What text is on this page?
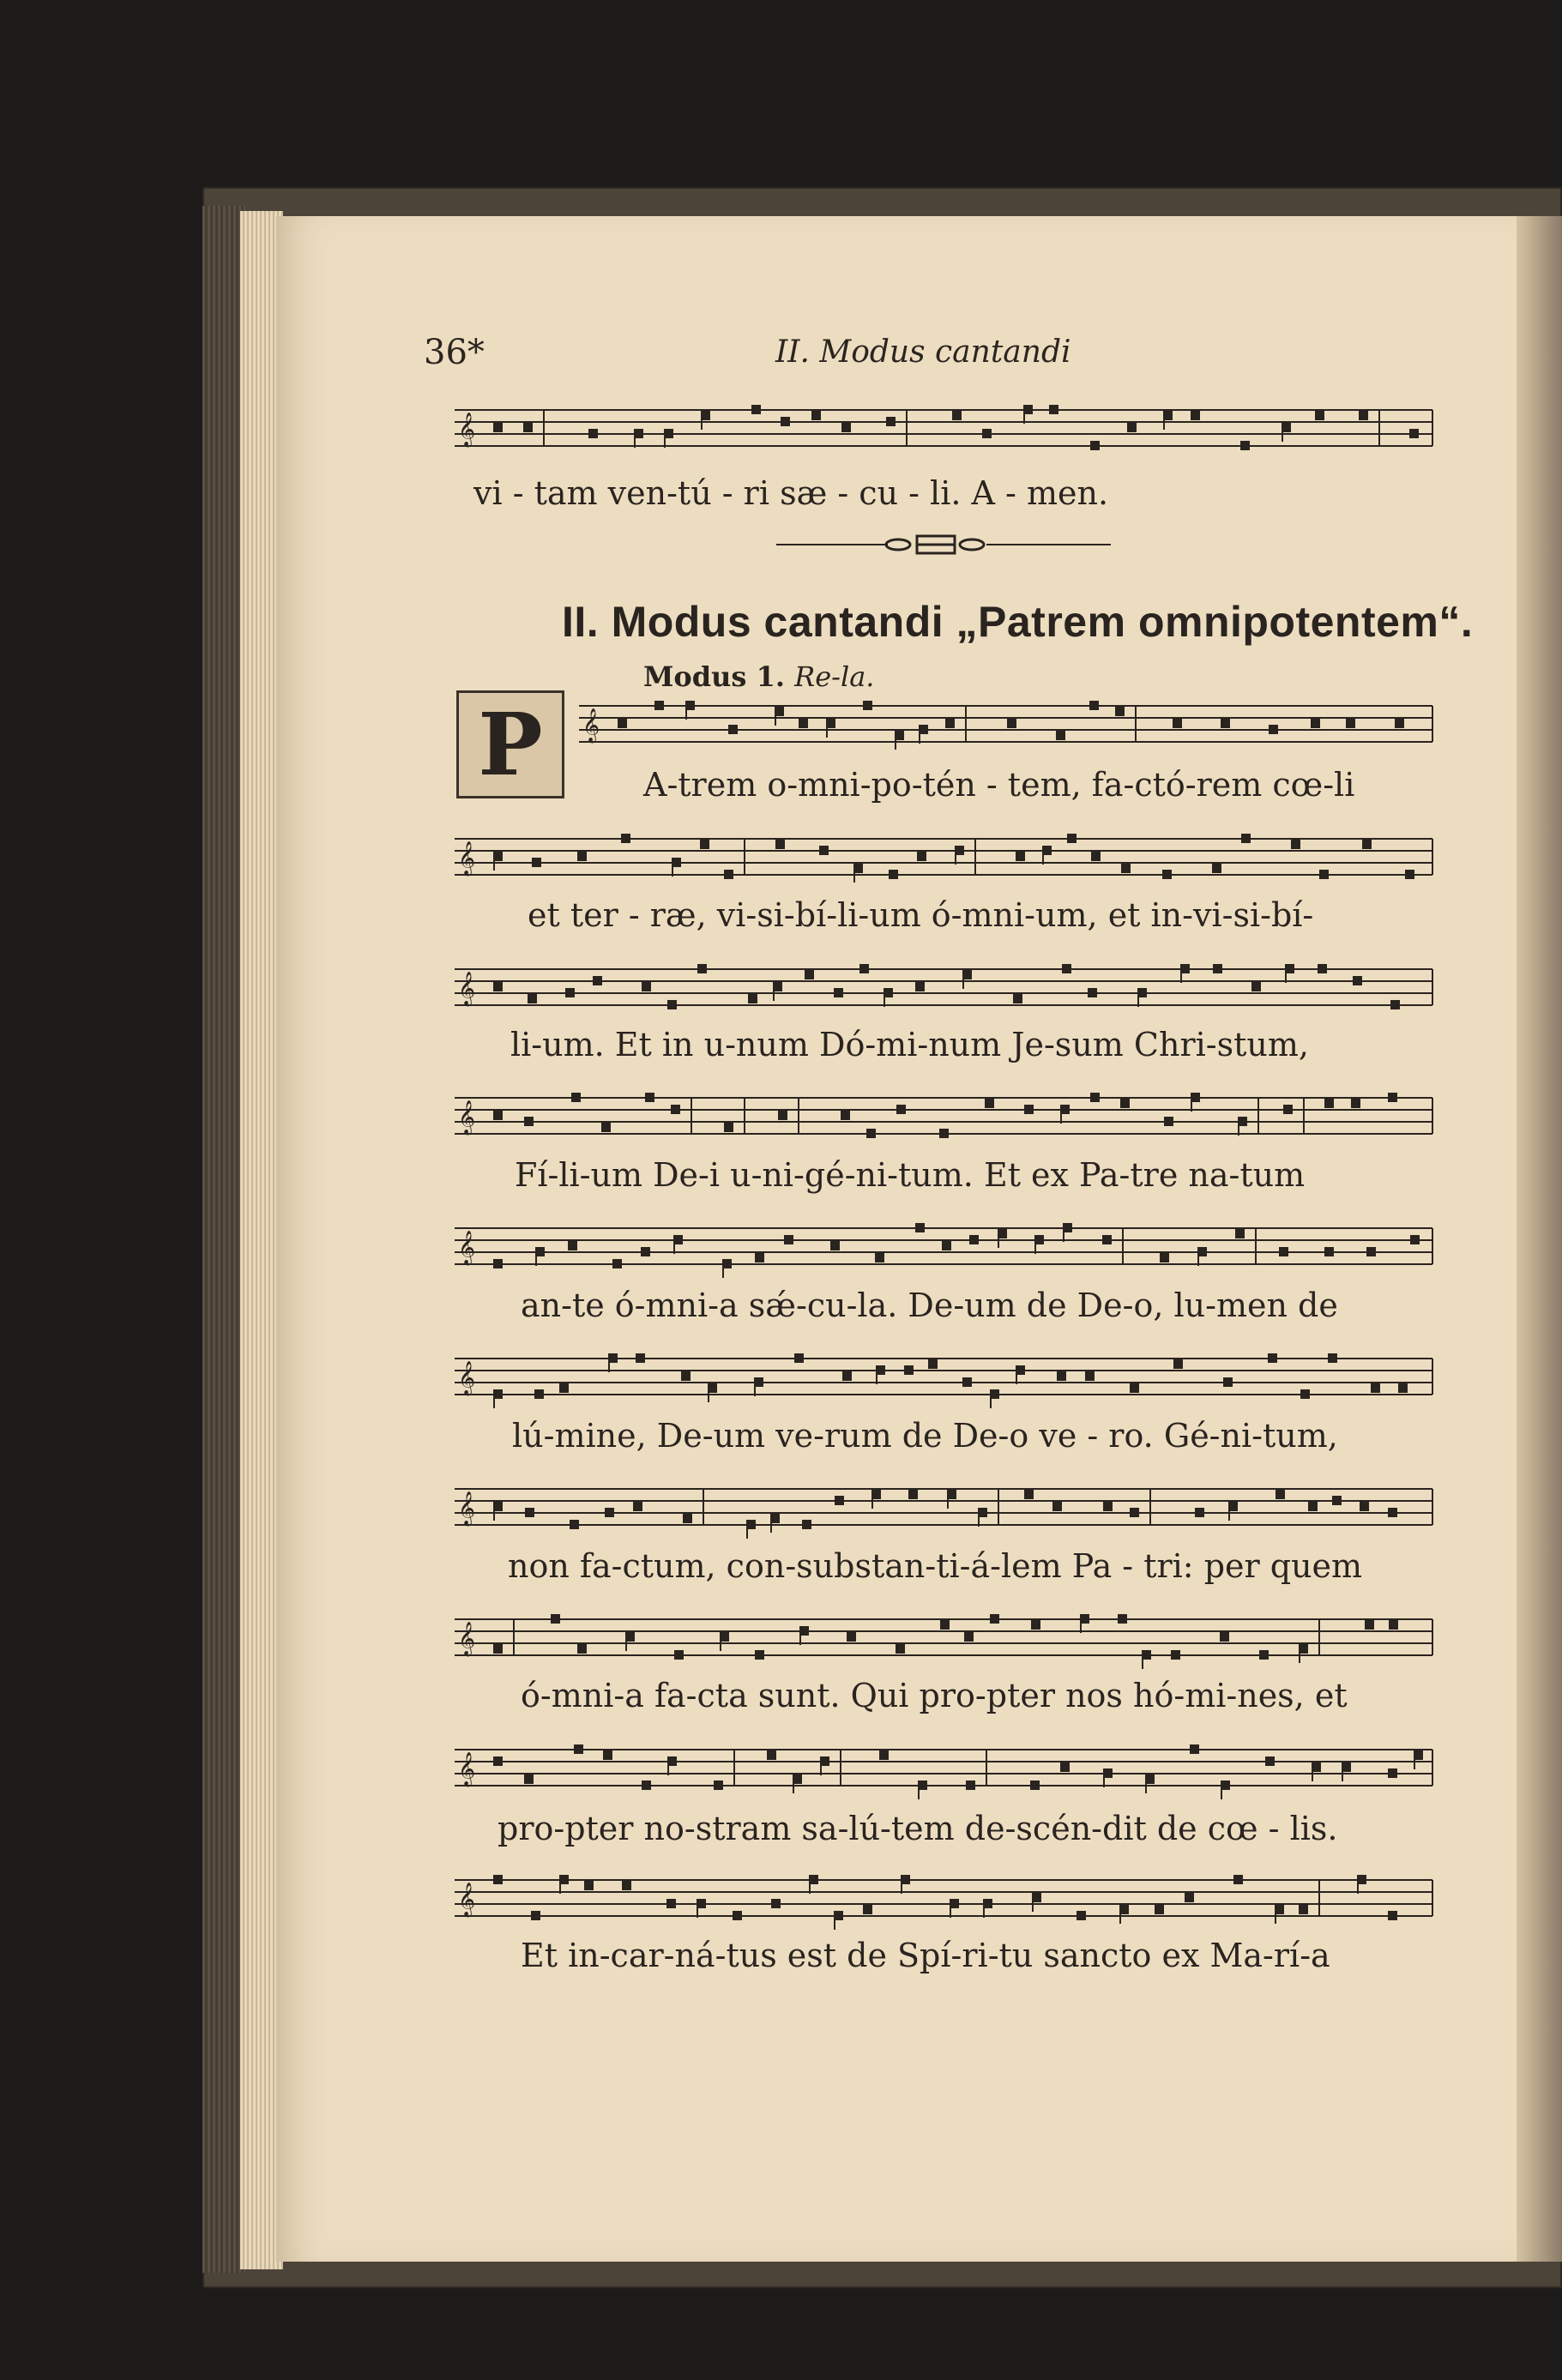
36*	II. Modus cantandi
𝄞
vi - tam ven-tú - ri sæ - cu - li. A - men.
II. Modus cantandi „Patrem omnipotentem“.
Modus 1. Re-la.
P	𝄞
A-trem o-mni-po-tén - tem, fa-ctó-rem cœ-li
𝄞
et ter - ræ, vi-si-bí-li-um ó-mni-um, et in-vi-si-bí-
𝄞
li-um. Et in u-num Dó-mi-num Je-sum Chri-stum,
𝄞
Fí-li-um De-i u-ni-gé-ni-tum. Et ex Pa-tre na-tum
𝄞
an-te ó-mni-a sǽ-cu-la. De-um de De-o, lu-men de
𝄞
lú-mine, De-um ve-rum de De-o ve - ro. Gé-ni-tum,
𝄞
non fa-ctum, con-substan-ti-á-lem Pa - tri: per quem
𝄞
ó-mni-a fa-cta sunt. Qui pro-pter nos hó-mi-nes, et
𝄞
pro-pter no-stram sa-lú-tem de-scén-dit de cœ - lis.
𝄞
Et in-car-ná-tus est de Spí-ri-tu sancto ex Ma-rí-a
